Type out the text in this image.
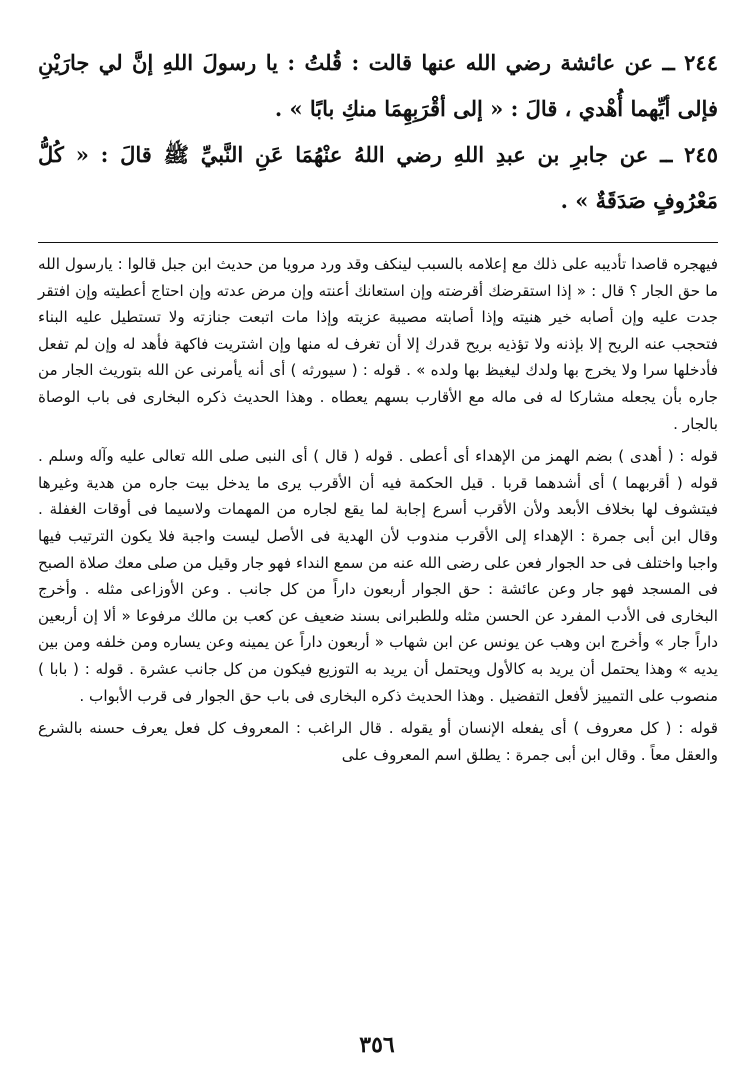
٢٤٤ ــ عن عائشة رضي الله عنها قالت : قُلتُ : يا رسولَ اللهِ إنَّ لي جارَيْنِ فإلى أيِّهما أُهْدي ، قالَ : « إلى أقْرَبِهِمَا منكِ بابًا » .

٢٤٥ ــ عن جابرِ بن عبدِ اللهِ رضي اللهُ عنْهُمَا عَنِ النَّبيِّ ﷺ قالَ : « كُلُّ مَعْرُوفٍ صَدَقَةٌ » .

فيهجره قاصدا تأديبه على ذلك مع إعلامه بالسبب لينكف وقد ورد مرويا من حديث ابن جبل قالوا : يارسول الله ما حق الجار ؟ قال : « إذا استقرضك أقرضته وإن استعانك أعنته وإن مرض عدته وإن احتاج أعطيته وإن افتقر جدت عليه وإن أصابه خير هنيته وإذا أصابته مصيبة عزيته وإذا مات اتبعت جنازته ولا تستطيل عليه البناء فتحجب عنه الريح إلا بإذنه ولا تؤذيه بريح قدرك إلا أن تغرف له منها وإن اشتريت فاكهة فأهد له وإن لم تفعل فأدخلها سرا ولا يخرج بها ولدك ليغيظ بها ولده » . قوله : ( سيورثه ) أى أنه يأمرنى عن الله بتوريث الجار من جاره بأن يجعله مشاركا له فى ماله مع الأقارب بسهم يعطاه . وهذا الحديث ذكره البخارى فى باب الوصاة بالجار .

قوله : ( أهدى ) بضم الهمز من الإهداء أى أعطى . قوله ( قال ) أى النبى صلى الله تعالى عليه وآله وسلم . قوله ( أقربهما ) أى أشدهما قربا . قيل الحكمة فيه أن الأقرب يرى ما يدخل بيت جاره من هدية وغيرها فيتشوف لها بخلاف الأبعد ولأن الأقرب أسرع إجابة لما يقع لجاره من المهمات ولاسيما فى أوقات الغفلة . وقال ابن أبى جمرة : الإهداء إلى الأقرب مندوب لأن الهدية فى الأصل ليست واجبة فلا يكون الترتيب فيها واجبا واختلف فى حد الجوار فعن على رضى الله عنه من سمع النداء فهو جار وقيل من صلى معك صلاة الصبح فى المسجد فهو جار وعن عائشة : حق الجوار أربعون داراً من كل جانب . وعن الأوزاعى مثله . وأخرج البخارى فى الأدب المفرد عن الحسن مثله وللطبرانى بسند ضعيف عن كعب بن مالك مرفوعا « ألا إن أربعين داراً جار » وأخرج ابن وهب عن يونس عن ابن شهاب « أربعون داراً عن يمينه وعن يساره ومن خلفه ومن بين يديه » وهذا يحتمل أن يريد به كالأول ويحتمل أن يريد به التوزيع فيكون من كل جانب عشرة . قوله : ( بابا ) منصوب على التمييز لأفعل التفضيل . وهذا الحديث ذكره البخارى فى باب حق الجوار فى قرب الأبواب .

قوله : ( كل معروف ) أى يفعله الإنسان أو يقوله . قال الراغب : المعروف كل فعل يعرف حسنه بالشرع والعقل معاً . وقال ابن أبى جمرة : يطلق اسم المعروف على

٣٥٦
